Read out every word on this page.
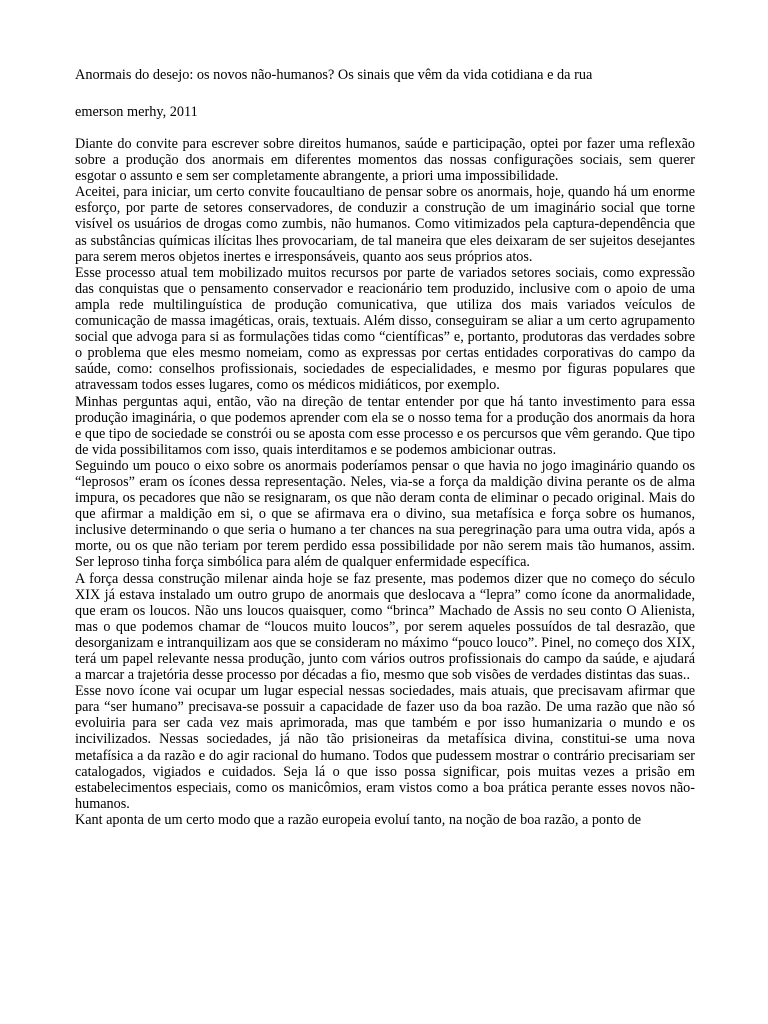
Anormais do desejo: os novos não-humanos? Os sinais que vêm da vida cotidiana e da rua

emerson merhy, 2011

Diante do convite para escrever sobre direitos humanos, saúde e participação, optei por fazer uma reflexão sobre a produção dos anormais em diferentes momentos das nossas configurações sociais, sem querer esgotar o assunto e sem ser completamente abrangente, a priori uma impossibilidade.

Aceitei, para iniciar, um certo convite foucaultiano de pensar sobre os anormais, hoje, quando há um enorme esforço, por parte de setores conservadores, de conduzir a construção de um imaginário social que torne visível os usuários de drogas como zumbis, não humanos. Como vitimizados pela captura-dependência que as substâncias químicas ilícitas lhes provocariam, de tal maneira que eles deixaram de ser sujeitos desejantes para serem meros objetos inertes e irresponsáveis, quanto aos seus próprios atos.

Esse processo atual tem mobilizado muitos recursos por parte de variados setores sociais, como expressão das conquistas que o pensamento conservador e reacionário tem produzido, inclusive com o apoio de uma ampla rede multilinguística de produção comunicativa, que utiliza dos mais variados veículos de comunicação de massa imagéticas, orais, textuais. Além disso, conseguiram se aliar a um certo agrupamento social que advoga para si as formulações tidas como “científicas” e, portanto, produtoras das verdades sobre o problema que eles mesmo nomeiam, como as expressas por certas entidades corporativas do campo da saúde, como: conselhos profissionais, sociedades de especialidades, e mesmo por figuras populares que atravessam todos esses lugares, como os médicos midiáticos, por exemplo.

Minhas perguntas aqui, então, vão na direção de tentar entender por que há tanto investimento para essa produção imaginária, o que podemos aprender com ela se o nosso tema for a produção dos anormais da hora e que tipo de sociedade se constrói ou se aposta com esse processo e os percursos que vêm gerando. Que tipo de vida possibilitamos com isso, quais interditamos e se podemos ambicionar outras.

Seguindo um pouco o eixo sobre os anormais poderíamos pensar o que havia no jogo imaginário quando os “leprosos” eram os ícones dessa representação. Neles, via-se a força da maldição divina perante os de alma impura, os pecadores que não se resignaram, os que não deram conta de eliminar o pecado original. Mais do que afirmar a maldição em si, o que se afirmava era o divino, sua metafísica e força sobre os humanos, inclusive determinando o que seria o humano a ter chances na sua peregrinação para uma outra vida, após a morte, ou os que não teriam por terem perdido essa possibilidade por não serem mais tão humanos, assim. Ser leproso tinha força simbólica para além de qualquer enfermidade específica.

A força dessa construção milenar ainda hoje se faz presente, mas podemos dizer que no começo do século XIX já estava instalado um outro grupo de anormais que deslocava a “lepra” como ícone da anormalidade, que eram os loucos. Não uns loucos quaisquer, como “brinca” Machado de Assis no seu conto O Alienista, mas o que podemos chamar de “loucos muito loucos”, por serem aqueles possuídos de tal desrazão, que desorganizam e intranquilizam aos que se consideram no máximo “pouco louco”. Pinel, no começo dos XIX, terá um papel relevante nessa produção, junto com vários outros profissionais do campo da saúde, e ajudará a marcar a trajetória desse processo por décadas a fio, mesmo que sob visões de verdades distintas das suas..

Esse novo ícone vai ocupar um lugar especial nessas sociedades, mais atuais, que precisavam afirmar que para “ser humano” precisava-se possuir a capacidade de fazer uso da boa razão. De uma razão que não só evoluiria para ser cada vez mais aprimorada, mas que também e por isso humanizaria o mundo e os incivilizados. Nessas sociedades, já não tão prisioneiras da metafísica divina, constitui-se uma nova metafísica a da razão e do agir racional do humano. Todos que pudessem mostrar o contrário precisariam ser catalogados, vigiados e cuidados. Seja lá o que isso possa significar, pois muitas vezes a prisão em estabelecimentos especiais, como os manicômios, eram vistos como a boa prática perante esses novos não-humanos.

Kant aponta de um certo modo que a razão europeia evoluí tanto, na noção de boa razão, a ponto de
